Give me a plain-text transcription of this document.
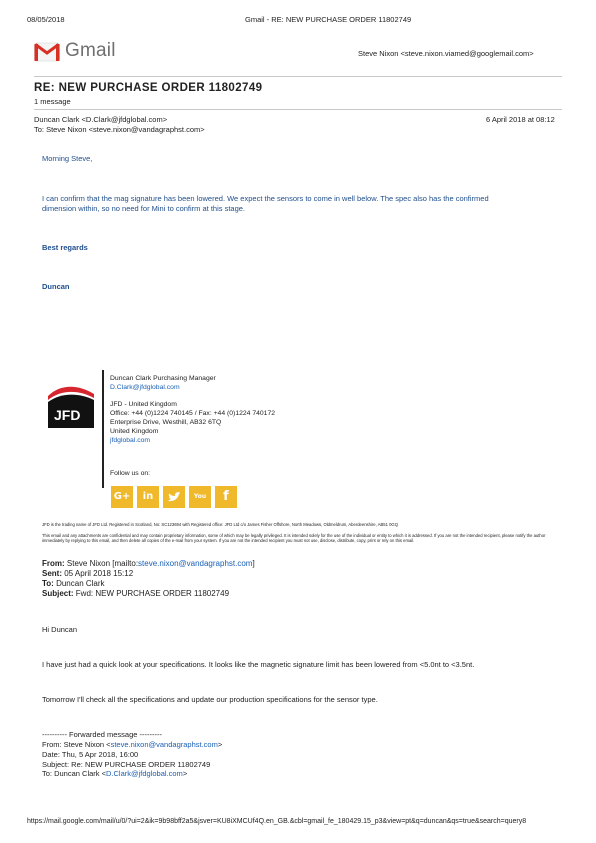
08/05/2018	Gmail - RE: NEW PURCHASE ORDER 11802749
Gmail	Steve Nixon <steve.nixon.viamed@googlemail.com>
RE: NEW PURCHASE ORDER 11802749
1 message
Duncan Clark <D.Clark@jfdglobal.com>	6 April 2018 at 08:12
To: Steve Nixon <steve.nixon@vandagraphst.com>
Morning Steve,
I can confirm that the mag signature has been lowered. We expect the sensors to come in well below. The spec also has the confirmed
dimension within, so no need for Mini to confirm at this stage.
Best regards
Duncan
JFD
Duncan Clark Purchasing Manager
D.Clark@jfdglobal.com
JFD - United Kingdom
Office: +44 (0)1224 740145 / Fax: +44 (0)1224 740172
Enterprise Drive, Westhill, AB32 6TQ
United Kingdom
jfdglobal.com
Follow us on:
G+	in	You	f
JFD is the trading name of JFD Ltd. Registered in Scotland, No: SC123694 with Registered office: JFD Ltd c/o James Fisher Offshore, North Meadows, Oldmeldrum, Aberdeenshire, AB51 0GQ
This email and any attachments are confidential and may contain proprietary information, some of which may be legally privileged. It is intended solely for the use of the individual or entity to which it is addressed. If you are not the intended recipient, please notify the author immediately by replying to this email, and then delete all copies of the e-mail from your system. If you are not the intended recipient you must not use, disclose, distribute, copy, print or rely on this email.
From: Steve Nixon [mailto:steve.nixon@vandagraphst.com]
Sent: 05 April 2018 15:12
To: Duncan Clark
Subject: Fwd: NEW PURCHASE ORDER 11802749
Hi Duncan
I have just had a quick look at your specifications. It looks like the magnetic signature limit has been lowered from <5.0nt to <3.5nt.
Tomorrow I'll check all the specifications and update our production specifications for the sensor type.
---------- Forwarded message ---------
From: Steve Nixon <steve.nixon@vandagraphst.com>
Date: Thu, 5 Apr 2018, 16:00
Subject: Re: NEW PURCHASE ORDER 11802749
To: Duncan Clark <D.Clark@jfdglobal.com>
https://mail.google.com/mail/u/0/?ui=2&ik=9b98bff2a5&jsver=KU8iXMCUf4Q.en_GB.&cbl=gmail_fe_180429.15_p3&view=pt&q=duncan&qs=true&search=query8
